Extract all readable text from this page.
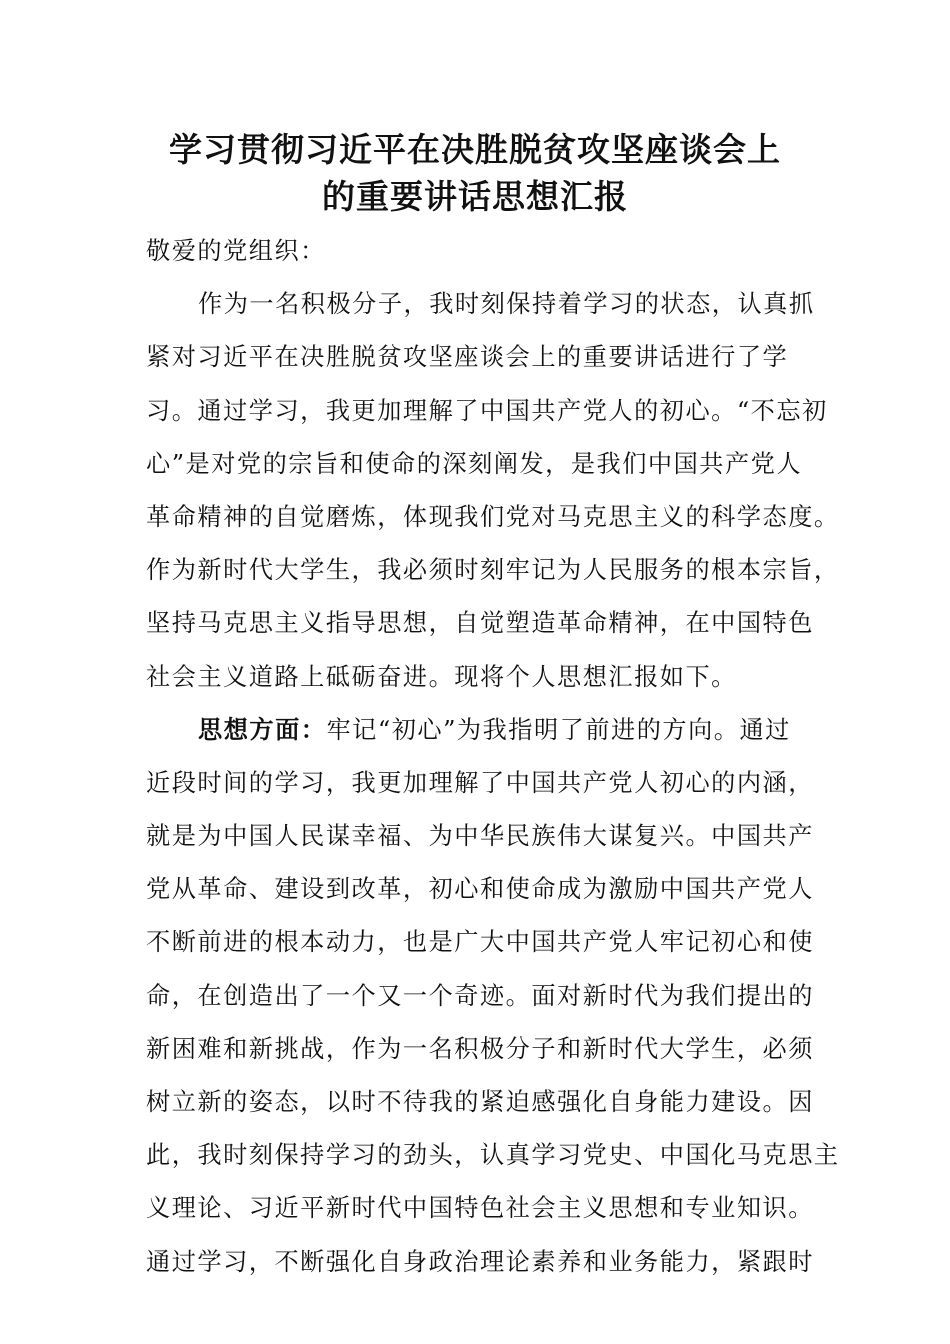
学习贯彻习近平在决胜脱贫攻坚座谈会上
的重要讲话思想汇报
敬爱的党组织：
作为一名积极分子，我时刻保持着学习的状态，认真抓
紧对习近平在决胜脱贫攻坚座谈会上的重要讲话进行了学
习。通过学习，我更加理解了中国共产党人的初心。“不忘初
心”是对党的宗旨和使命的深刻阐发，是我们中国共产党人
革命精神的自觉磨炼，体现我们党对马克思主义的科学态度。
作为新时代大学生，我必须时刻牢记为人民服务的根本宗旨，
坚持马克思主义指导思想，自觉塑造革命精神，在中国特色
社会主义道路上砥砺奋进。现将个人思想汇报如下。
思想方面：牢记“初心”为我指明了前进的方向。通过
近段时间的学习，我更加理解了中国共产党人初心的内涵，
就是为中国人民谋幸福、为中华民族伟大谋复兴。中国共产
党从革命、建设到改革，初心和使命成为激励中国共产党人
不断前进的根本动力，也是广大中国共产党人牢记初心和使
命，在创造出了一个又一个奇迹。面对新时代为我们提出的
新困难和新挑战，作为一名积极分子和新时代大学生，必须
树立新的姿态，以时不待我的紧迫感强化自身能力建设。因
此，我时刻保持学习的劲头，认真学习党史、中国化马克思主
义理论、习近平新时代中国特色社会主义思想和专业知识。
通过学习，不断强化自身政治理论素养和业务能力，紧跟时
